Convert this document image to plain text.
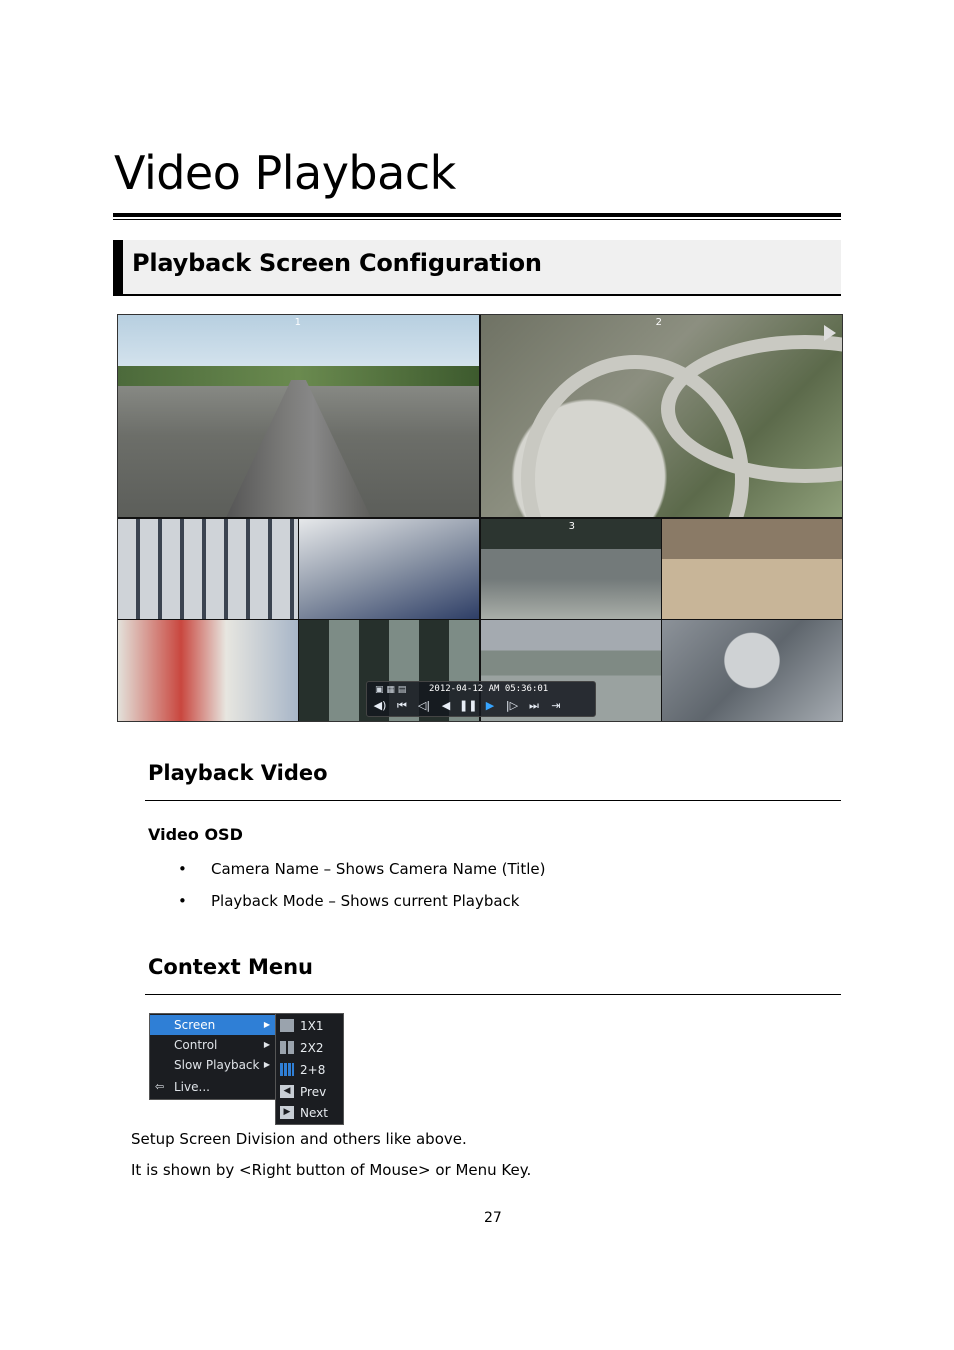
Video Playback
Playback Screen Configuration
1	2
3
▣ ▦ ▤	2012-04-12 AM 05:36:01
◀) ⏮ ◁|	◀ ❚❚ ▶	|▷ ⏭	⇥
Playback Video
Video OSD
• Camera Name – Shows Camera Name (Title)
• Playback Mode – Shows current Playback
Context Menu
Screen	▶
Control	▶
Slow Playback ▶
⇦ Live...
1X1
2X2
2+8
◀ Prev
▶ Next

Setup Screen Division and others like above.

It is shown by <Right button of Mouse> or Menu Key.

27
